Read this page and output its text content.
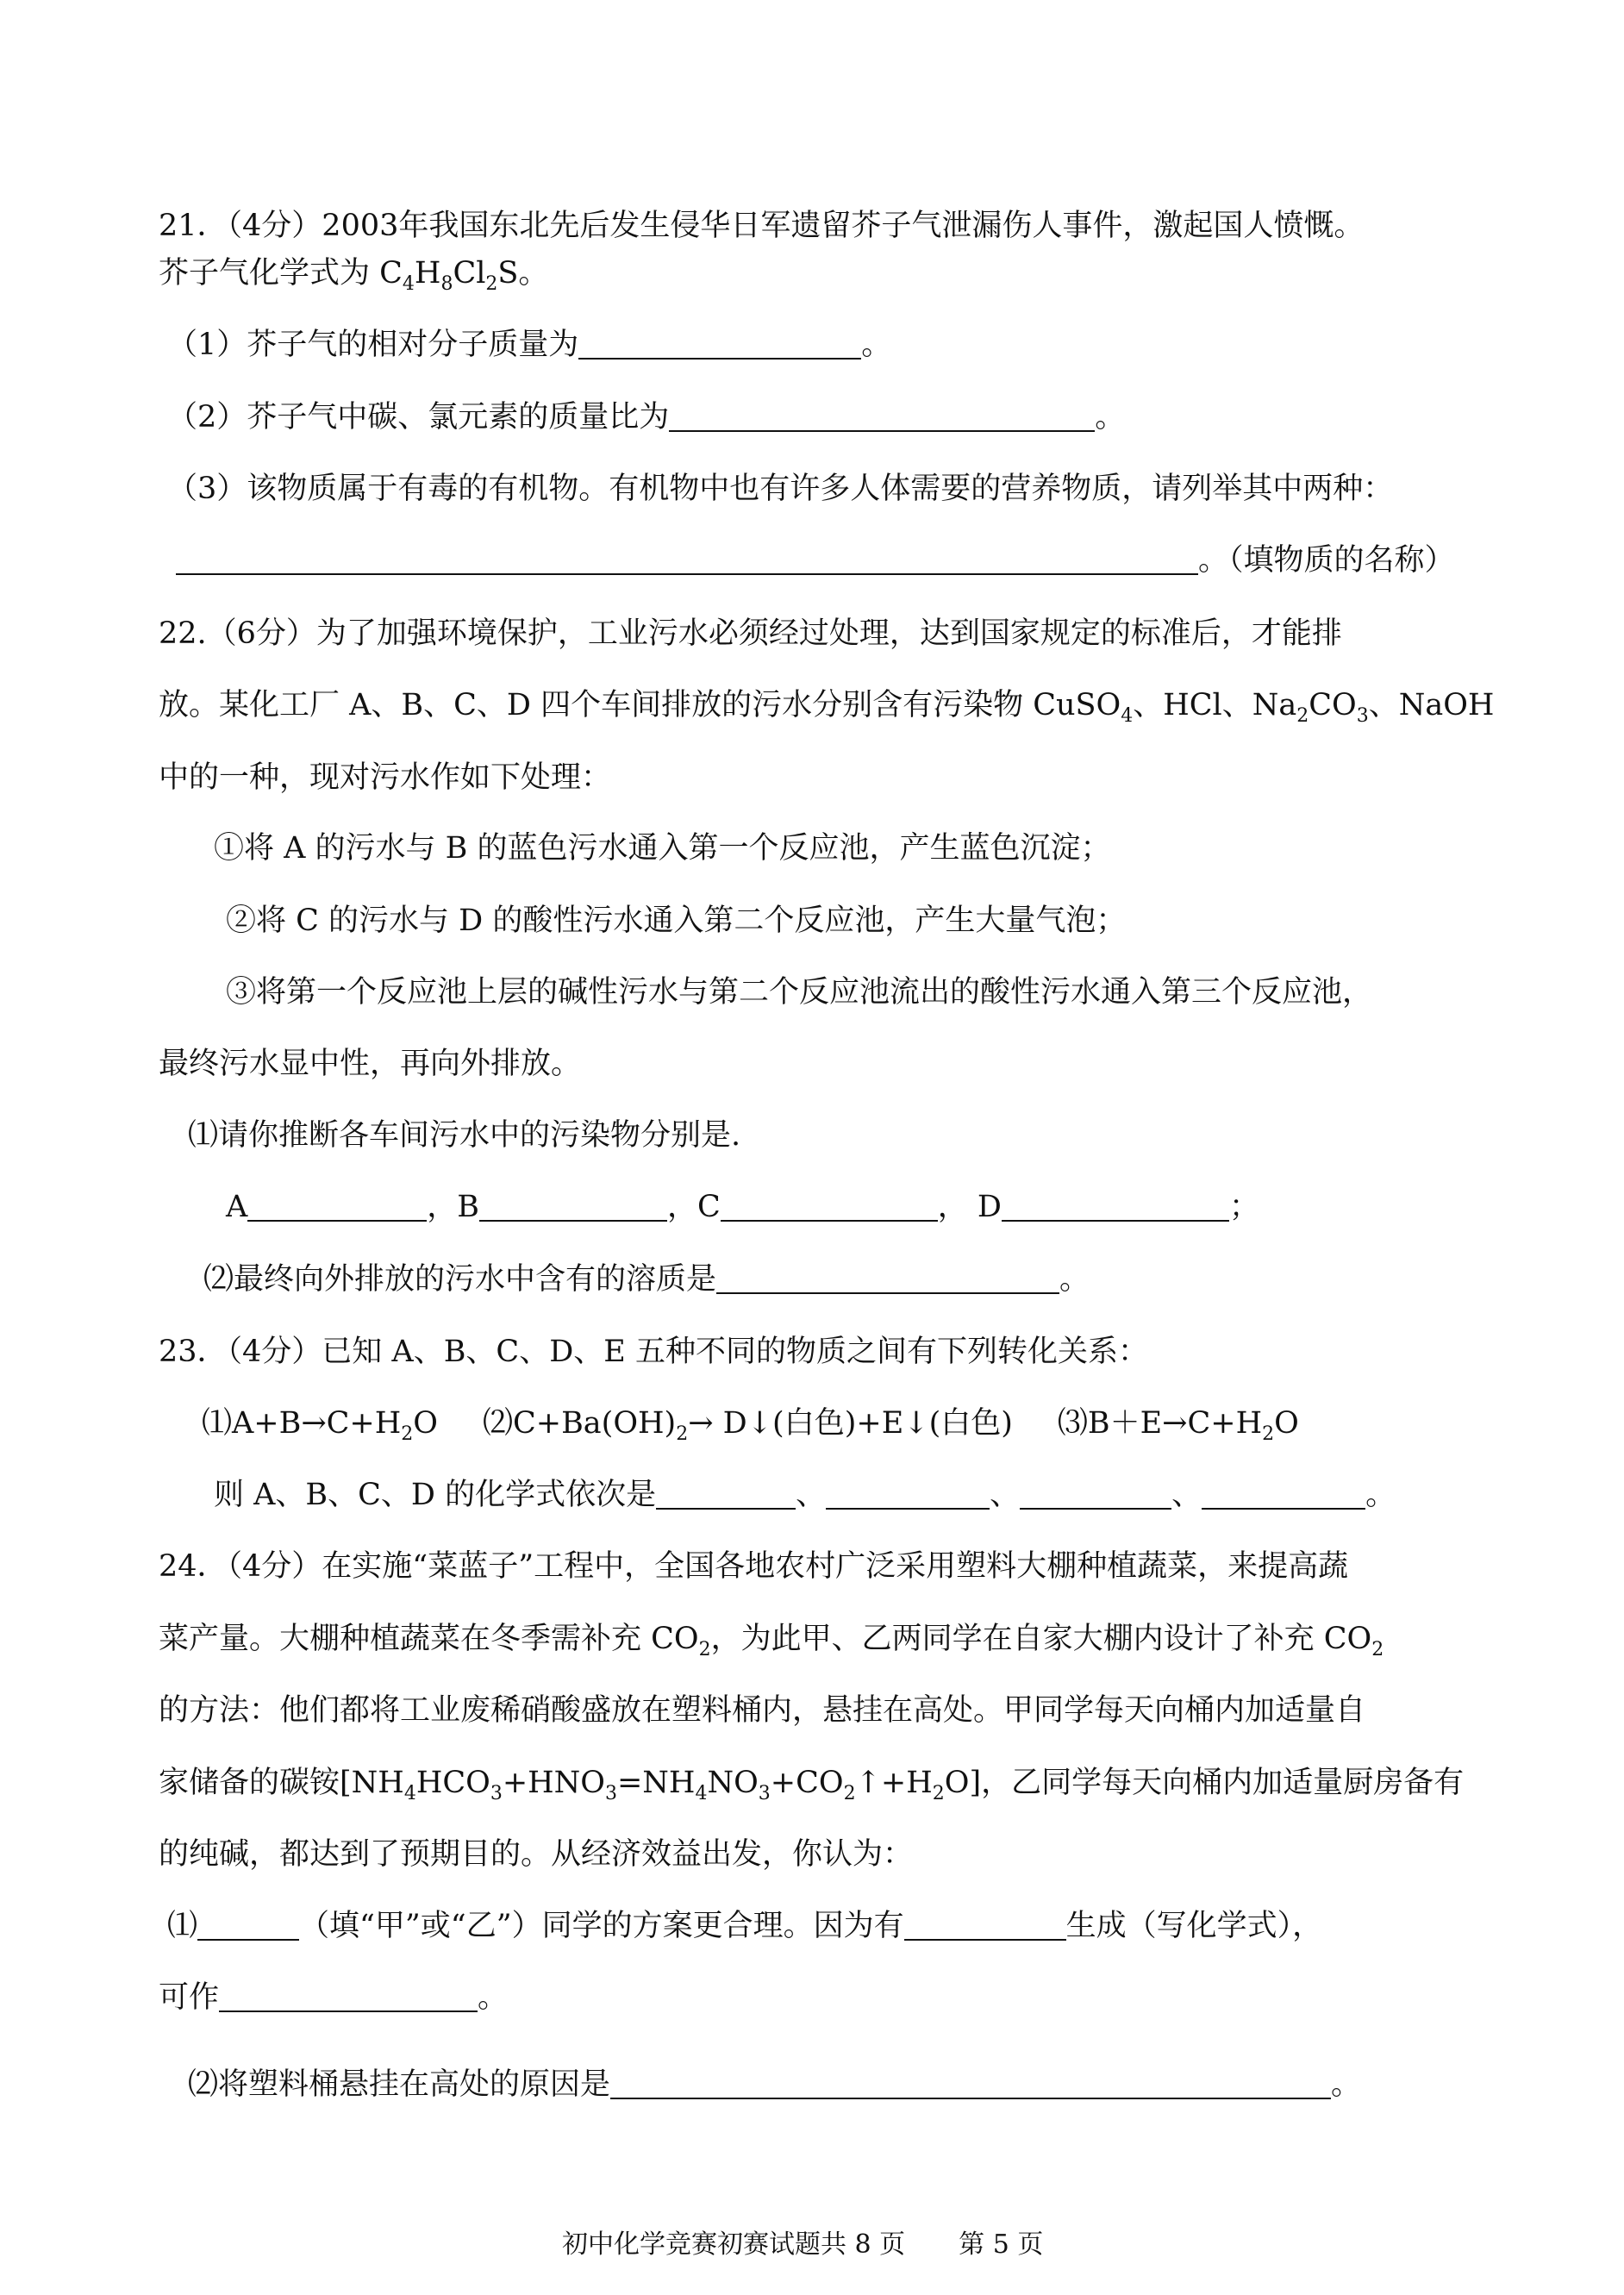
21．（4分）2003年我国东北先后发生侵华日军遗留芥子气泄漏伤人事件，激起国人愤慨。
芥子气化学式为 $C_4H_8Cl_2S$。
（1）芥子气的相对分子质量为	。
（2）芥子气中碳、氯元素的质量比为	。
（3）该物质属于有毒的有机物。有机物中也有许多人体需要的营养物质，请列举其中两种：
。（填物质的名称）
22.（6分）为了加强环境保护，工业污水必须经过处理，达到国家规定的标准后，才能排
放。某化工厂 A、B、C、D 四个车间排放的污水分别含有污染物 CuSO$_4$、HCl、$Na_2CO_3$、NaOH
中的一种，现对污水作如下处理：
①将 A 的污水与 B 的蓝色污水通入第一个反应池，产生蓝色沉淀；
②将 C 的污水与 D 的酸性污水通入第二个反应池，产生大量气泡；
③将第一个反应池上层的碱性污水与第二个反应池流出的酸性污水通入第三个反应池，
最终污水显中性，再向外排放。
⑴请你推断各车间污水中的污染物分别是.
A	，B	，C	， D	；
⑵最终向外排放的污水中含有的溶质是	。
23．（4分）已知 A、B、C、D、E 五种不同的物质之间有下列转化关系：
$⑴A+B\to C+H_2O$ $⑵C+Ba(OH)_2\to$ D↓(白色)+E↓(白色) $⑶B+E\to C+H_2O$
则 A、B、C、D 的化学式依次是	、	、	、	。
24．（4分）在实施“菜蓝子”工程中，全国各地农村广泛采用塑料大棚种植蔬菜，来提高蔬
菜产量。大棚种植蔬菜在冬季需补充 $CO_2$，为此甲、乙两同学在自家大棚内设计了补充 $CO_2$
的方法：他们都将工业废稀硝酸盛放在塑料桶内，悬挂在高处。甲同学每天向桶内加适量自
家储备的碳铵$[NH_4HCO_3+HNO_3=NH_4NO_3+CO_2↑+H_2O]$，乙同学每天向桶内加适量厨房备有
的纯碱，都达到了预期目的。从经济效益出发，你认为：
⑴	（填“甲”或“乙”）同学的方案更合理。因为有	生成（写化学式），
可作	。
⑵将塑料桶悬挂在高处的原因是	。
初中化学竞赛初赛试题共 8 页 第 5 页
